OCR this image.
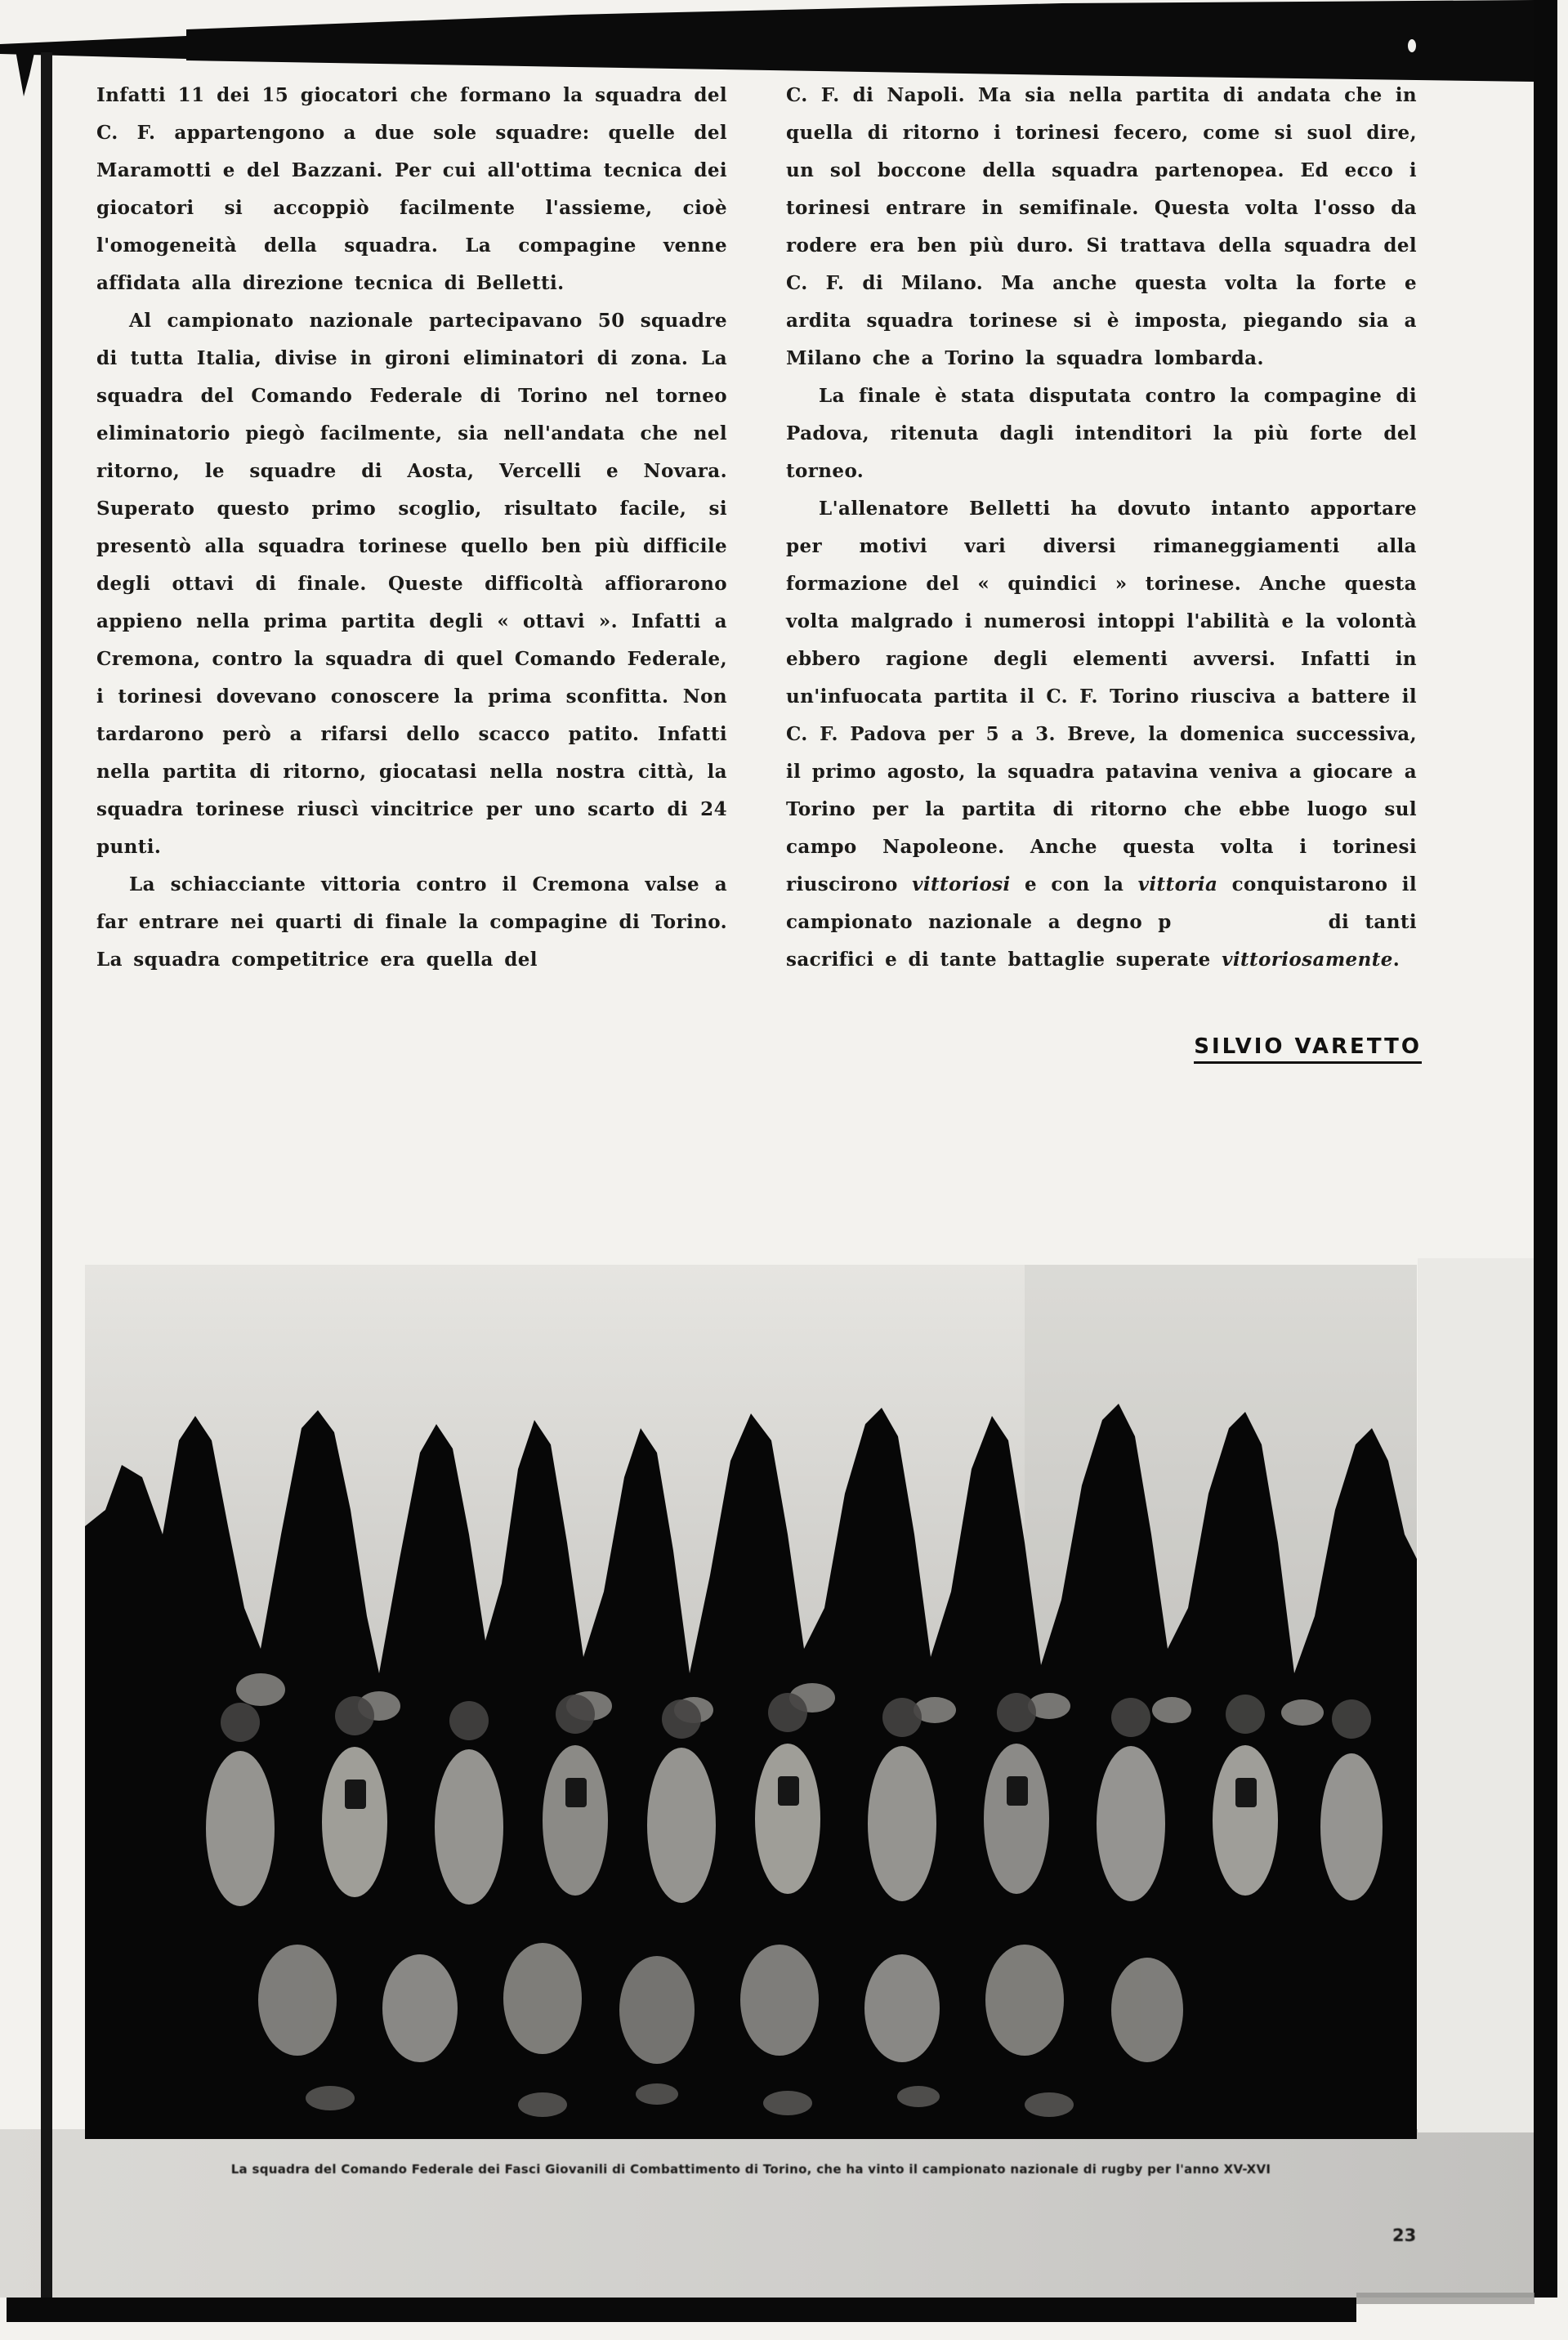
Infatti 11 dei 15 giocatori che formano la squadra del C. F. appartengono a due sole squadre: quelle del Maramotti e del Bazzani. Per cui all'ottima tecnica dei giocatori si accoppiò facilmente l'assieme, cioè l'omogeneità della squadra. La compagine venne affidata alla direzione tecnica di Belletti.

Al campionato nazionale partecipavano 50 squadre di tutta Italia, divise in gironi eliminatori di zona. La squadra del Comando Federale di Torino nel torneo eliminatorio piegò facilmente, sia nell'andata che nel ritorno, le squadre di Aosta, Vercelli e Novara. Superato questo primo scoglio, risultato facile, si presentò alla squadra torinese quello ben più difficile degli ottavi di finale. Queste difficoltà affiorarono appieno nella prima partita degli « ottavi ». Infatti a Cremona, contro la squadra di quel Comando Federale, i torinesi dovevano conoscere la prima sconfitta. Non tardarono però a rifarsi dello scacco patito. Infatti nella partita di ritorno, giocatasi nella nostra città, la squadra torinese riuscì vincitrice per uno scarto di 24 punti.

La schiacciante vittoria contro il Cremona valse a far entrare nei quarti di finale la compagine di Torino. La squadra competitrice era quella del

C. F. di Napoli. Ma sia nella partita di andata che in quella di ritorno i torinesi fecero, come si suol dire, un sol boccone della squadra partenopea. Ed ecco i torinesi entrare in semifinale. Questa volta l'osso da rodere era ben più duro. Si trattava della squadra del C. F. di Milano. Ma anche questa volta la forte e ardita squadra torinese si è imposta, piegando sia a Milano che a Torino la squadra lombarda.

La finale è stata disputata contro la compagine di Padova, ritenuta dagli intenditori la più forte del torneo.

L'allenatore Belletti ha dovuto intanto apportare per motivi vari diversi rimaneggiamenti alla formazione del « quindici » torinese. Anche questa volta malgrado i numerosi intoppi l'abilità e la volontà ebbero ragione degli elementi avversi. Infatti in un'infuocata partita il C. F. Torino riusciva a battere il C. F. Padova per 5 a 3. Breve, la domenica successiva, il primo agosto, la squadra patavina veniva a giocare a Torino per la partita di ritorno che ebbe luogo sul campo Napoleone. Anche questa volta i torinesi riuscirono vittoriosi e con la vittoria conquistarono il campionato nazionale a degno p          di tanti sacrifici e di tante battaglie superate vittoriosamente.

SILVIO VARETTO
La squadra del Comando Federale dei Fasci Giovanili di Combattimento di Torino, che ha vinto il campionato nazionale di rugby per l'anno XV-XVI
23
